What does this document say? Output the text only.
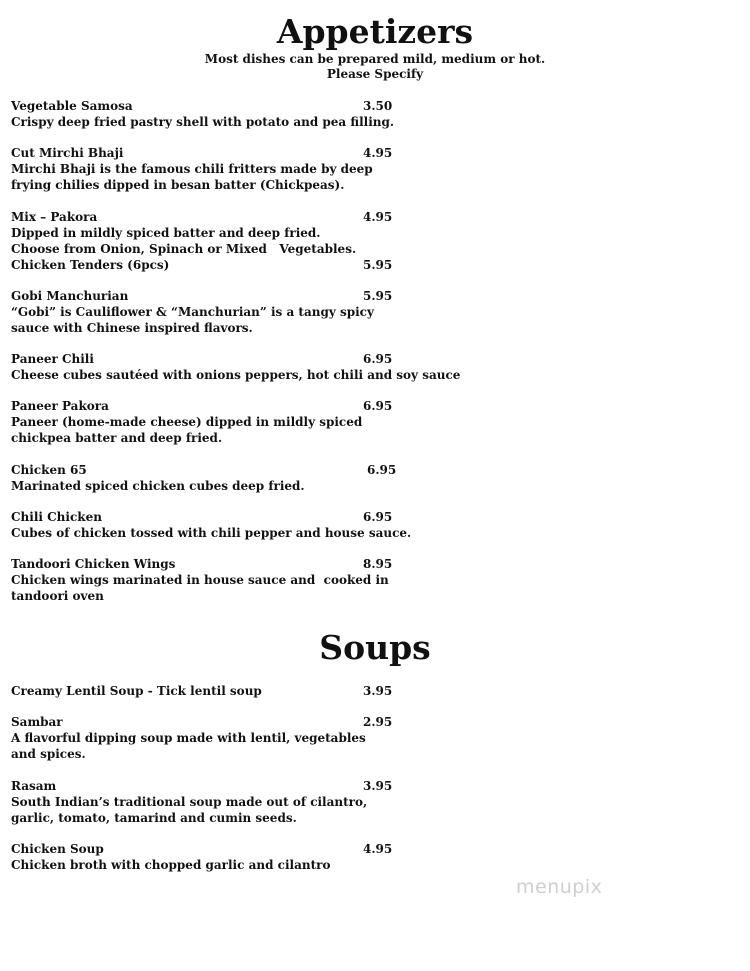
Appetizers
Most dishes can be prepared mild, medium or hot.
Please Specify
Vegetable Samosa	3.50
Crispy deep fried pastry shell with potato and pea filling.
Cut Mirchi Bhaji	4.95
Mirchi Bhaji is the famous chili fritters made by deep
frying chilies dipped in besan batter (Chickpeas).
Mix – Pakora	4.95
Dipped in mildly spiced batter and deep fried.
Choose from Onion, Spinach or Mixed   Vegetables.
Chicken Tenders (6pcs)	5.95
Gobi Manchurian	5.95
“Gobi” is Cauliflower & “Manchurian” is a tangy spicy
sauce with Chinese inspired flavors.
Paneer Chili	6.95
Cheese cubes sautéed with onions peppers, hot chili and soy sauce
Paneer Pakora	6.95
Paneer (home-made cheese) dipped in mildly spiced
chickpea batter and deep fried.
Chicken 65	6.95
Marinated spiced chicken cubes deep fried.
Chili Chicken	6.95
Cubes of chicken tossed with chili pepper and house sauce.
Tandoori Chicken Wings	8.95
Chicken wings marinated in house sauce and  cooked in
tandoori oven
Soups
Creamy Lentil Soup - Tick lentil soup	3.95
Sambar	2.95
A flavorful dipping soup made with lentil, vegetables
and spices.
Rasam	3.95
South Indian’s traditional soup made out of cilantro,
garlic, tomato, tamarind and cumin seeds.
Chicken Soup	4.95
Chicken broth with chopped garlic and cilantro
menupix
